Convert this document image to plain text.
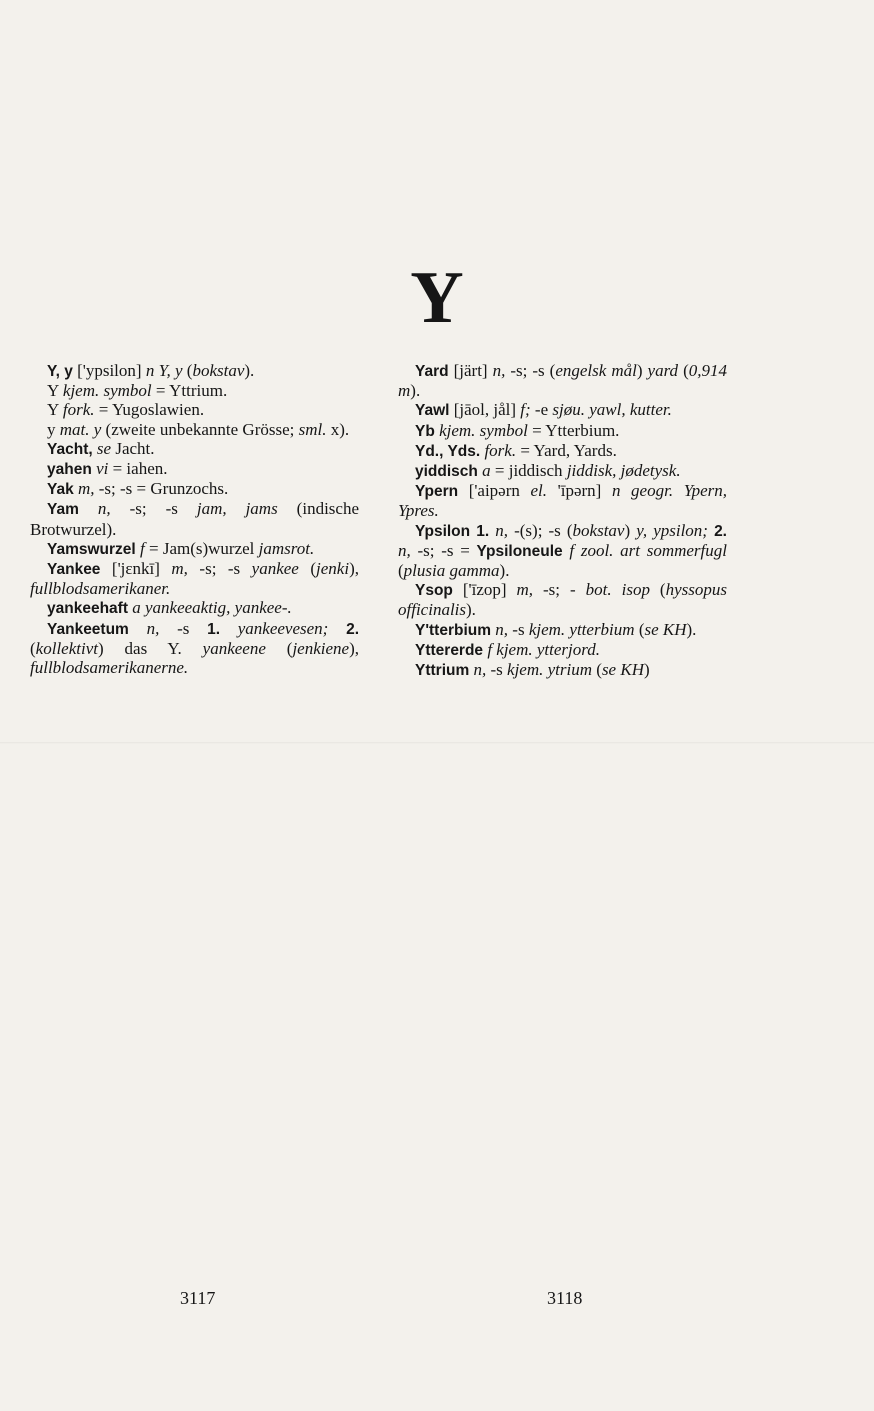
Y
Y, y ['ypsilon] n Y, y (bokstav).
Y kjem. symbol = Yttrium.
Y fork. = Yugoslawien.
y mat. y (zweite unbekannte Grösse; sml. x).
Yacht, se Jacht.
yahen vi = iahen.
Yak m, -s; -s = Grunzochs.
Yam n, -s; -s jam, jams (indische Brotwurzel).
Yamswurzel f = Jam(s)wurzel jamsrot.
Yankee ['jɛnkī] m, -s; -s yankee (jenki), fullblodsamerikaner.
yankeehaft a yankeeaktig, yankee-.
Yankeetum n, -s 1. yankeevesen; 2. (kollektivt) das Y. yankeene (jenkiene), fullblodsamerikanerne.
Yard [järt] n, -s; -s (engelsk mål) yard (0,914 m).
Yawl [jāol, jål] f; -e sjøu. yawl, kutter.
Yb kjem. symbol = Ytterbium.
Yd., Yds. fork. = Yard, Yards.
yiddisch a = jiddisch jiddisk, jødetysk.
Ypern ['aipərn el. 'īpərn] n geogr. Ypern, Ypres.
Ypsilon 1. n, -(s); -s (bokstav) y, ypsilon; 2. n, -s; -s = Ypsiloneule f zool. art sommerfugl (plusia gamma).
Ysop ['īzop] m, -s; - bot. isop (hyssopus officinalis).
Y'tterbium n, -s kjem. ytterbium (se KH).
Yttererde f kjem. ytterjord.
Yttrium n, -s kjem. ytrium (se KH)
3117	3118
